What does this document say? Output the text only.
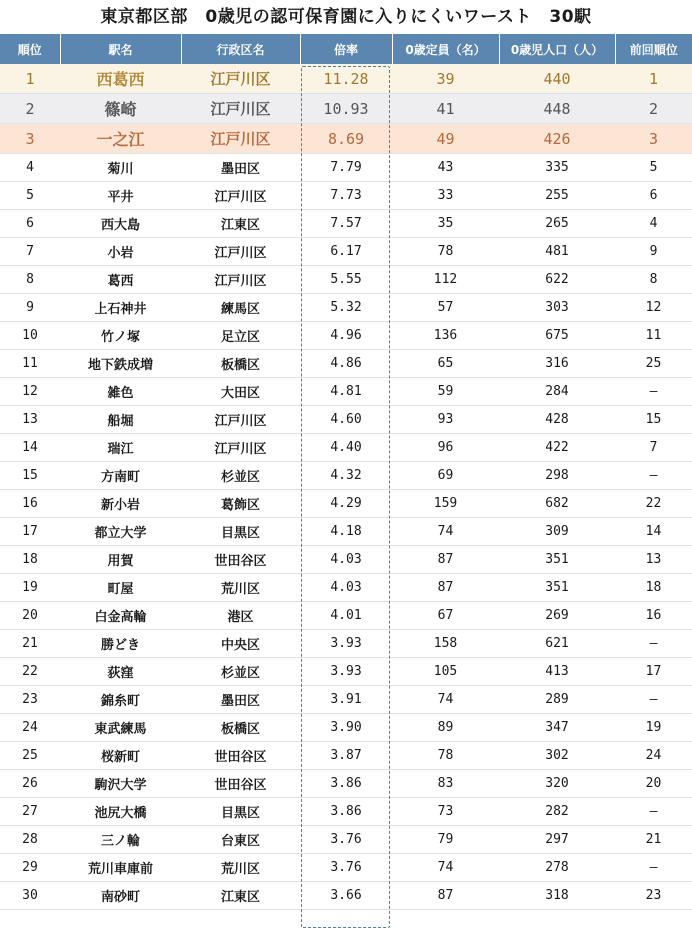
東京都区部　0歳児の認可保育園に入りにくいワースト　30駅
順位	駅名	行政区名	倍率	0歳定員（名）	0歳児人口（人）	前回順位
1	西葛西	江戸川区	11.28	39	440	1
2	篠崎	江戸川区	10.93	41	448	2
3	一之江	江戸川区	8.69	49	426	3
4	菊川	墨田区	7.79	43	335	5
5	平井	江戸川区	7.73	33	255	6
6	西大島	江東区	7.57	35	265	4
7	小岩	江戸川区	6.17	78	481	9
8	葛西	江戸川区	5.55	112	622	8
9	上石神井	練馬区	5.32	57	303	12
10	竹ノ塚	足立区	4.96	136	675	11
11	地下鉄成増	板橋区	4.86	65	316	25
12	雑色	大田区	4.81	59	284	―
13	船堀	江戸川区	4.60	93	428	15
14	瑞江	江戸川区	4.40	96	422	7
15	方南町	杉並区	4.32	69	298	―
16	新小岩	葛飾区	4.29	159	682	22
17	都立大学	目黒区	4.18	74	309	14
18	用賀	世田谷区	4.03	87	351	13
19	町屋	荒川区	4.03	87	351	18
20	白金高輪	港区	4.01	67	269	16
21	勝どき	中央区	3.93	158	621	―
22	荻窪	杉並区	3.93	105	413	17
23	錦糸町	墨田区	3.91	74	289	―
24	東武練馬	板橋区	3.90	89	347	19
25	桜新町	世田谷区	3.87	78	302	24
26	駒沢大学	世田谷区	3.86	83	320	20
27	池尻大橋	目黒区	3.86	73	282	―
28	三ノ輪	台東区	3.76	79	297	21
29	荒川車庫前	荒川区	3.76	74	278	―
30	南砂町	江東区	3.66	87	318	23
